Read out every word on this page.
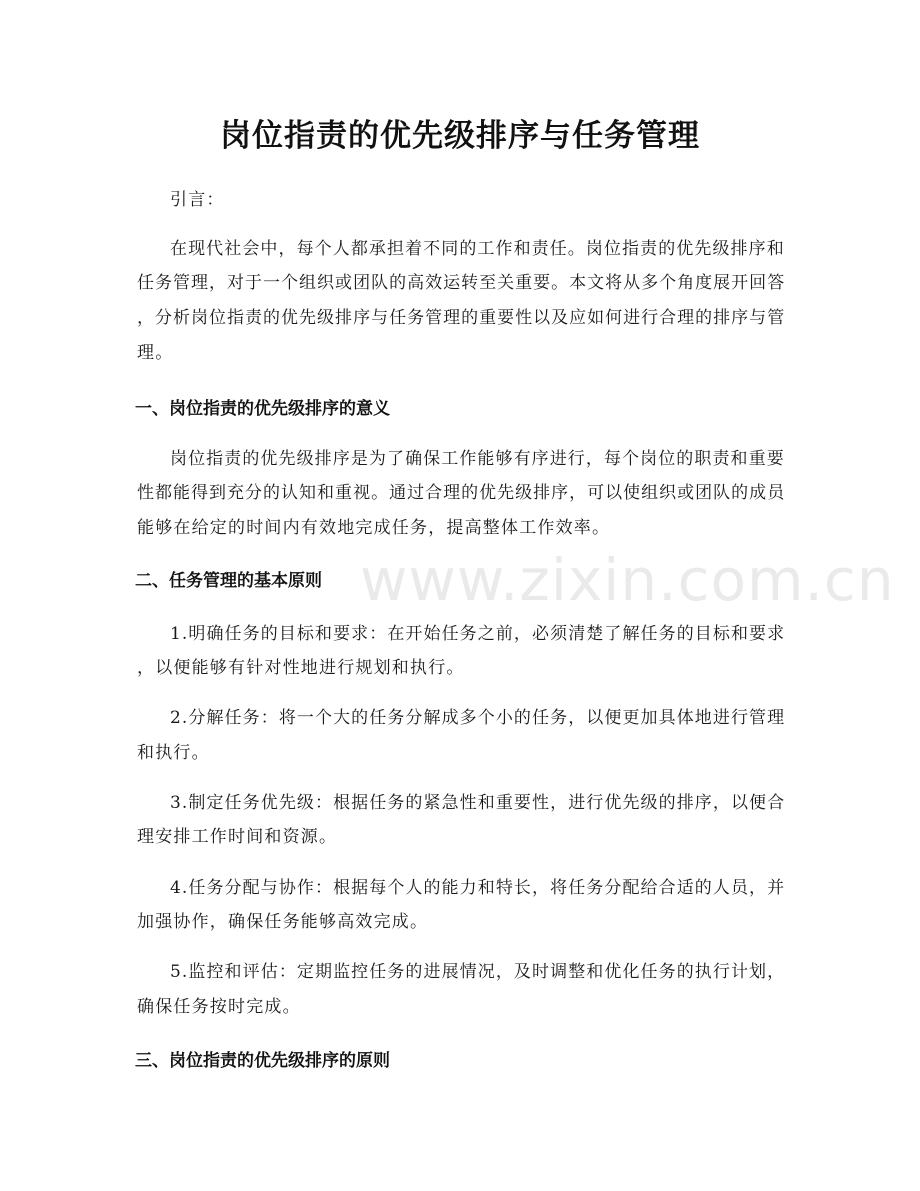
岗位指责的优先级排序与任务管理
引言：
在现代社会中，每个人都承担着不同的工作和责任。岗位指责的优先级排序和
任务管理，对于一个组织或团队的高效运转至关重要。本文将从多个角度展开回答
，分析岗位指责的优先级排序与任务管理的重要性以及应如何进行合理的排序与管
理。
一、岗位指责的优先级排序的意义
岗位指责的优先级排序是为了确保工作能够有序进行，每个岗位的职责和重要
性都能得到充分的认知和重视。通过合理的优先级排序，可以使组织或团队的成员
能够在给定的时间内有效地完成任务，提高整体工作效率。
www.zixin.com.cn
二、任务管理的基本原则
1.明确任务的目标和要求：在开始任务之前，必须清楚了解任务的目标和要求
，以便能够有针对性地进行规划和执行。
2.分解任务：将一个大的任务分解成多个小的任务，以便更加具体地进行管理
和执行。
3.制定任务优先级：根据任务的紧急性和重要性，进行优先级的排序，以便合
理安排工作时间和资源。
4.任务分配与协作：根据每个人的能力和特长，将任务分配给合适的人员，并
加强协作，确保任务能够高效完成。
5.监控和评估：定期监控任务的进展情况，及时调整和优化任务的执行计划，
确保任务按时完成。
三、岗位指责的优先级排序的原则
